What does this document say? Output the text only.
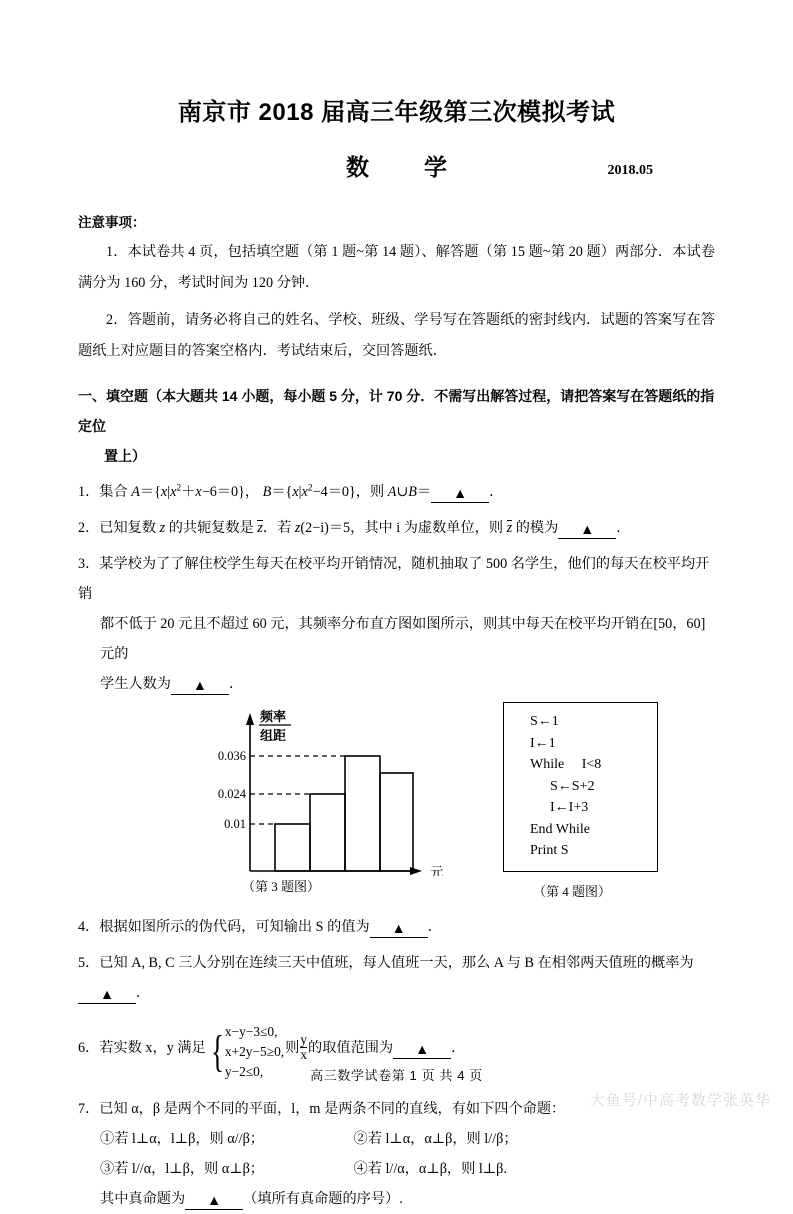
南京市 2018 届高三年级第三次模拟考试
数　学	2018.05
注意事项：

1．本试卷共 4 页，包括填空题（第 1 题~第 14 题）、解答题（第 15 题~第 20 题）两部分．本试卷满分为 160 分，考试时间为 120 分钟．

2．答题前，请务必将自己的姓名、学校、班级、学号写在答题纸的密封线内．试题的答案写在答题纸上对应题目的答案空格内．考试结束后，交回答题纸．

一、填空题（本大题共 14 小题，每小题 5 分，计 70 分．不需写出解答过程，请把答案写在答题纸的指定位
置上）
1．集合 $A=\{x|x^2+x-6=0\}$， $B=\{x|x^2-4=0\}$，则 A∪B＝ ▲ ．
2．已知复数 z 的共轭复数是 z．若 z(2−i)＝5，其中 i 为虚数单位，则 z 的模为 ▲ ．
3．某学校为了了解住校学生每天在校平均开销情况，随机抽取了 500 名学生，他们的每天在校平均开销
都不低于 20 元且不超过 60 元，其频率分布直方图如图所示，则其中每天在校平均开销在[50，60]元的
学生人数为 ▲ ．
0.036
0.024
0.01
元
频率
组距
（第 3 题图）
S←1
I←1
While　 I<8
S←S+2
I←I+3
End While
Print S
（第 4 题图）
4．根据如图所示的伪代码，可知输出 S 的值为 ▲ ．
5．已知 A, B, C 三人分别在连续三天中值班，每人值班一天，那么 A 与 B 在相邻两天值班的概率为▲ ．
6．若实数 x，y 满足 { x−y−3≤0,
x+2y−5≥0,
y−2≤0,
则 $\frac{y}{x}$ 的取值范围为 ▲ ．
7．已知 α，β 是两个不同的平面，l，m 是两条不同的直线，有如下四个命题：
①若 l⊥α，l⊥β，则 α//β；	②若 l⊥α，α⊥β，则 l//β；
③若 l//α，l⊥β，则 α⊥β；	④若 l//α，α⊥β，则 l⊥β.
其中真命题为 ▲ （填所有真命题的序号）.
高三数学试卷第 1 页 共 4 页
大鱼号/中高考数学张英华
